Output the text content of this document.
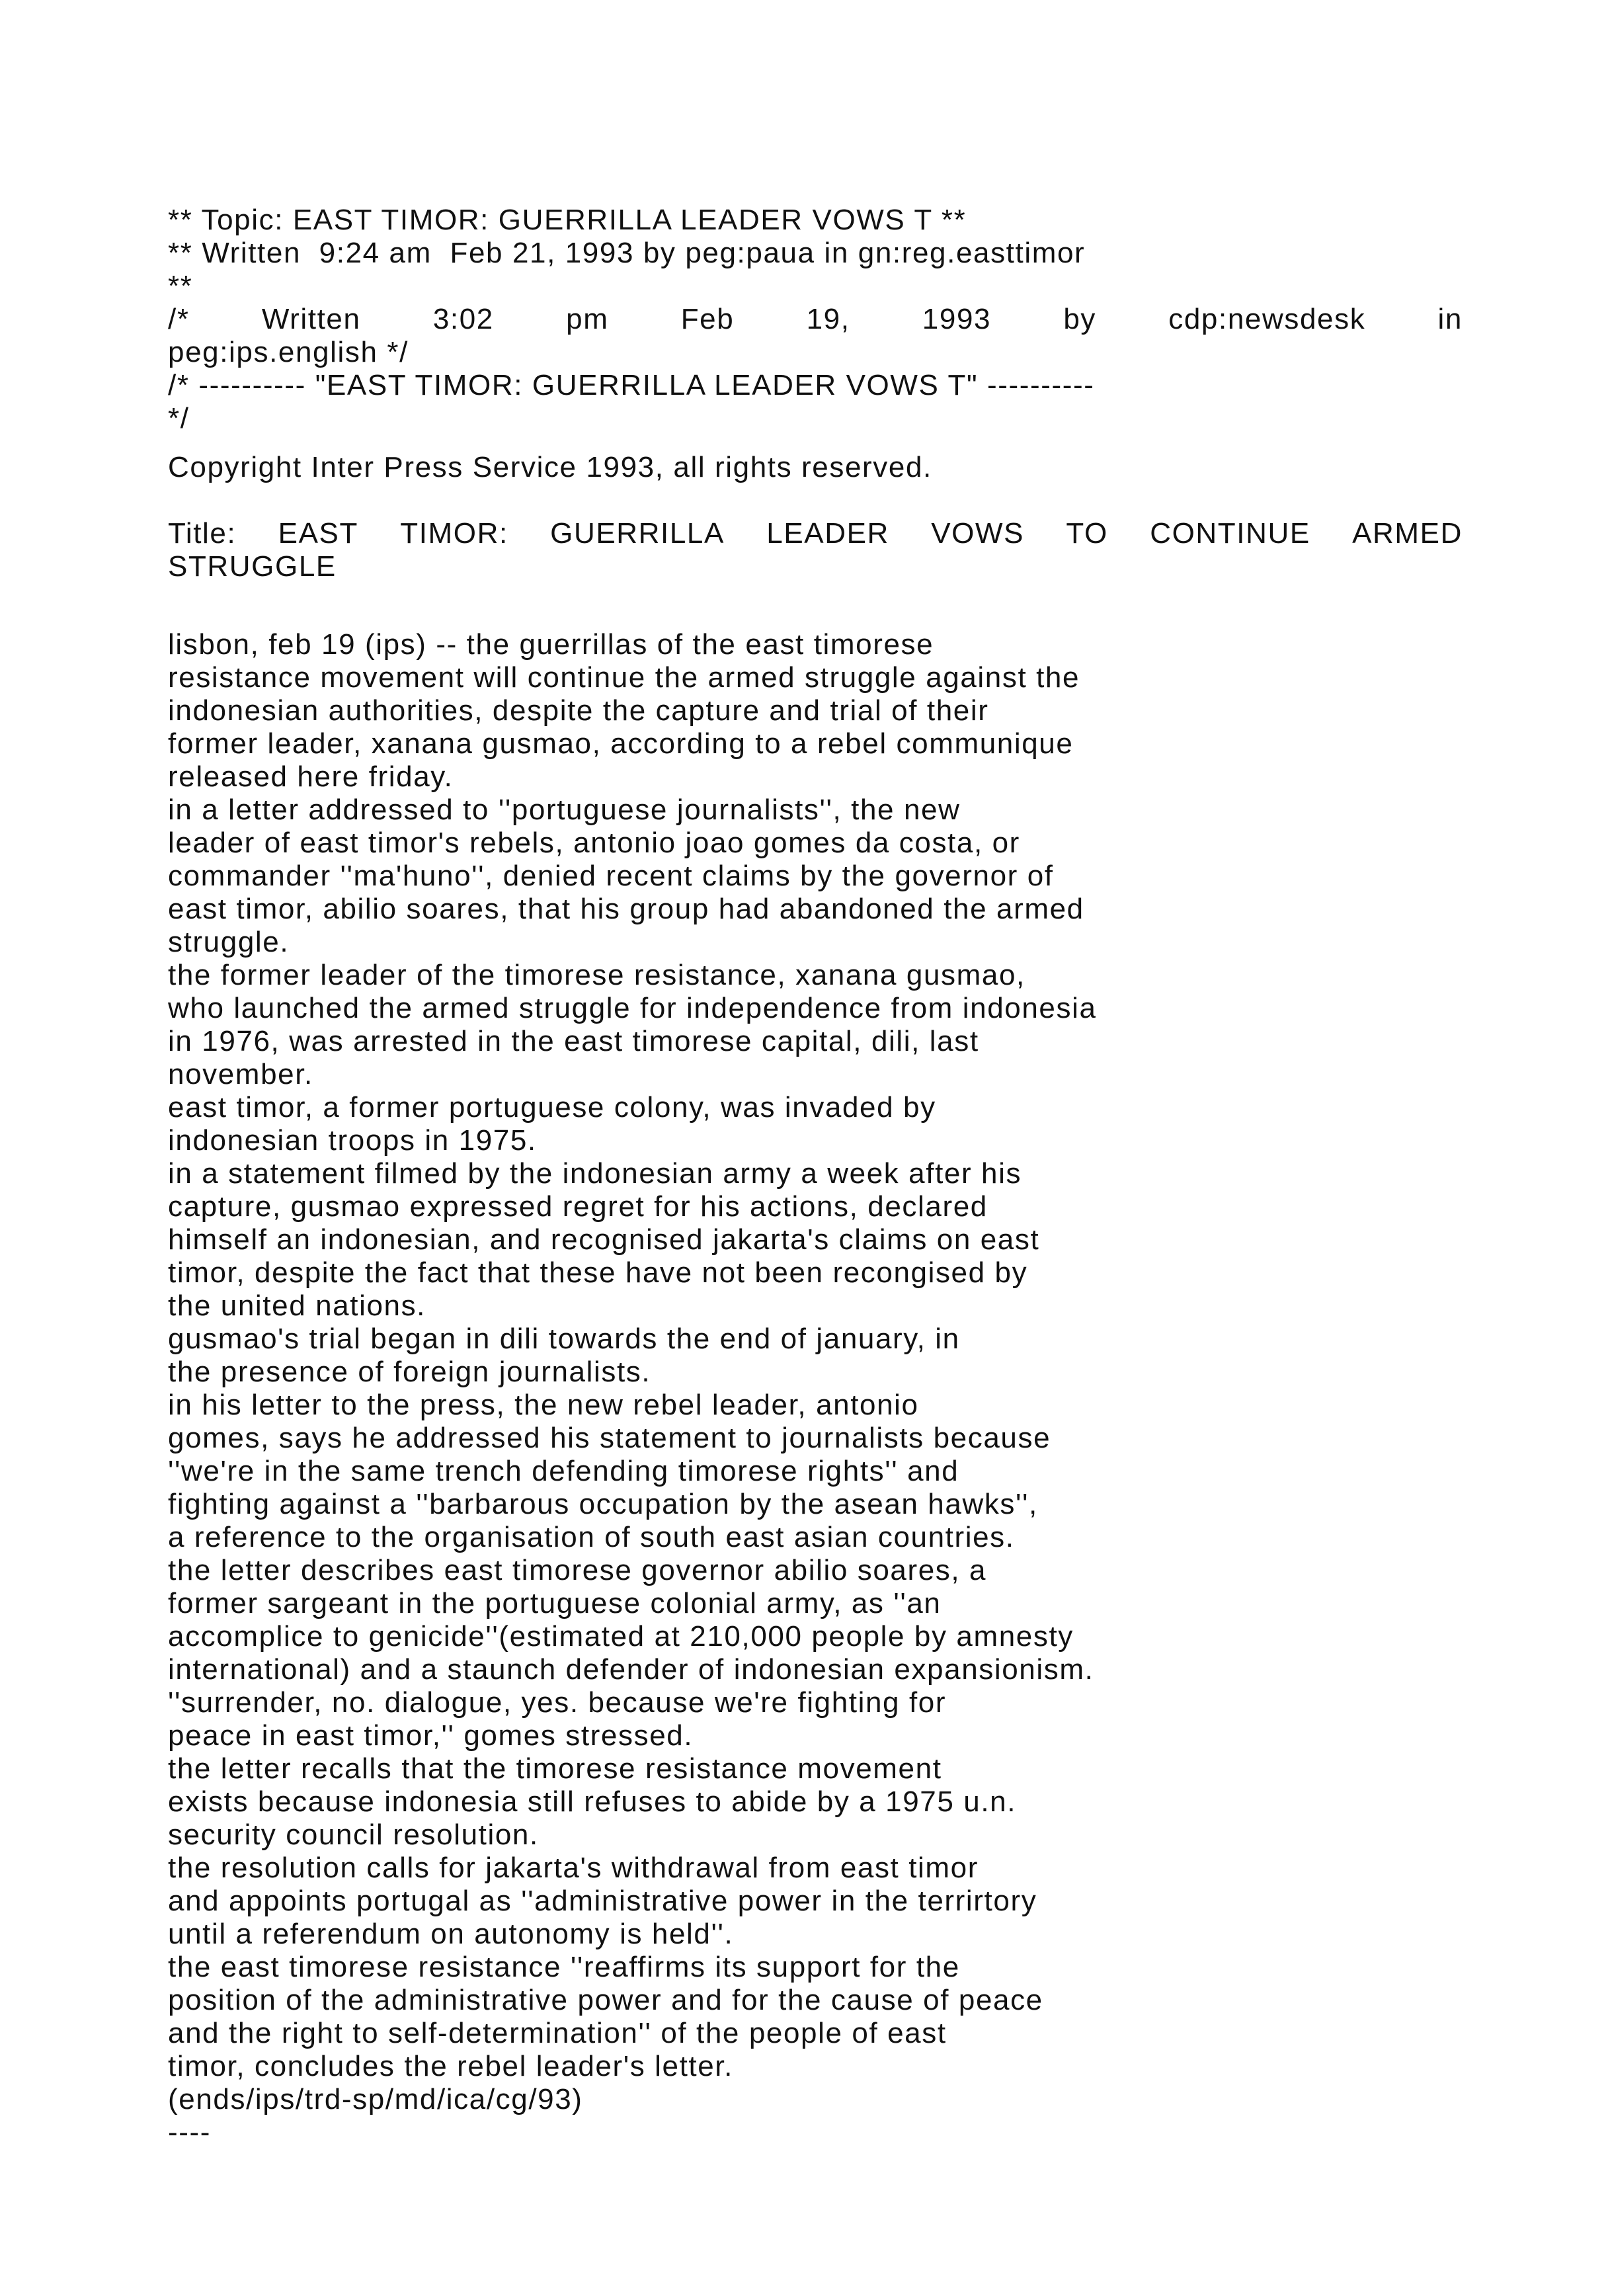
** Topic: EAST TIMOR: GUERRILLA LEADER VOWS T **
** Written  9:24 am  Feb 21, 1993 by peg:paua in gn:reg.easttimor
**
/* Written 3:02 pm Feb 19, 1993 by cdp:newsdesk in
peg:ips.english */
/* ---------- "EAST TIMOR: GUERRILLA LEADER VOWS T" ----------
*/
Copyright Inter Press Service 1993, all rights reserved.
Title: EAST TIMOR: GUERRILLA LEADER VOWS TO CONTINUE ARMED
STRUGGLE
lisbon, feb 19 (ips) -- the guerrillas of the east timorese
resistance movement will continue the armed struggle against the
indonesian authorities, despite the capture and trial of their
former leader, xanana gusmao, according to a rebel communique
released here friday.
in a letter addressed to ''portuguese journalists'', the new
leader of east timor's rebels, antonio joao gomes da costa, or
commander ''ma'huno'', denied recent claims by the governor of
east timor, abilio soares, that his group had abandoned the armed
struggle.
the former leader of the timorese resistance, xanana gusmao,
who launched the armed struggle for independence from indonesia
in 1976, was arrested in the east timorese capital, dili, last
november.
east timor, a former portuguese colony, was invaded by
indonesian troops in 1975.
in a statement filmed by the indonesian army a week after his
capture, gusmao expressed regret for his actions, declared
himself an indonesian, and recognised jakarta's claims on east
timor, despite the fact that these have not been recongised by
the united nations.
gusmao's trial began in dili towards the end of january, in
the presence of foreign journalists.
in his letter to the press, the new rebel leader, antonio
gomes, says he addressed his statement to journalists because
''we're in the same trench defending timorese rights'' and
fighting against a ''barbarous occupation by the asean hawks'',
a reference to the organisation of south east asian countries.
the letter describes east timorese governor abilio soares, a
former sargeant in the portuguese colonial army, as ''an
accomplice to genicide''(estimated at 210,000 people by amnesty
international) and a staunch defender of indonesian expansionism.
''surrender, no. dialogue, yes. because we're fighting for
peace in east timor,'' gomes stressed.
the letter recalls that the timorese resistance movement
exists because indonesia still refuses to abide by a 1975 u.n.
security council resolution.
the resolution calls for jakarta's withdrawal from east timor
and appoints portugal as ''administrative power in the terrirtory
until a referendum on autonomy is held''.
the east timorese resistance ''reaffirms its support for the
position of the administrative power and for the cause of peace
and the right to self-determination'' of the people of east
timor, concludes the rebel leader's letter.
(ends/ips/trd-sp/md/ica/cg/93)
----
